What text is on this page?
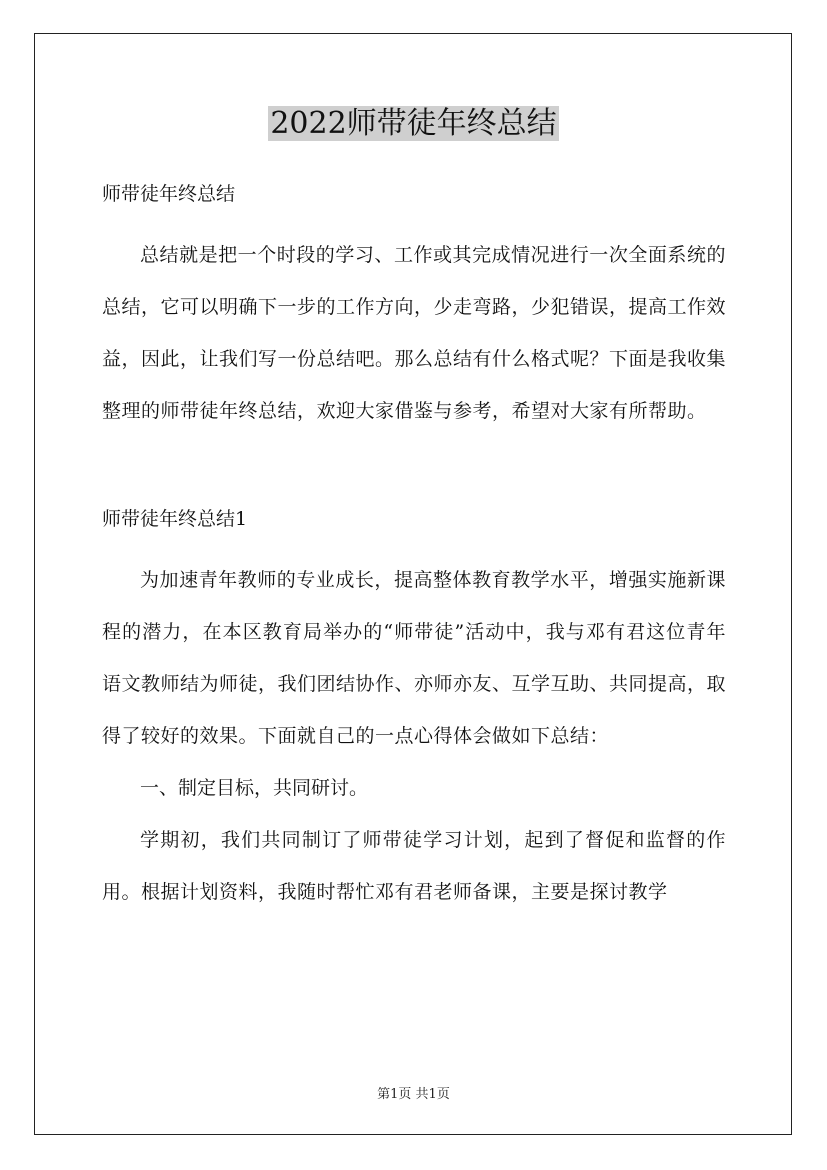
2022师带徒年终总结

师带徒年终总结

总结就是把一个时段的学习、工作或其完成情况进行一次全面系统的总结，它可以明确下一步的工作方向，少走弯路，少犯错误，提高工作效益，因此，让我们写一份总结吧。那么总结有什么格式呢？下面是我收集整理的师带徒年终总结，欢迎大家借鉴与参考，希望对大家有所帮助。

师带徒年终总结1

为加速青年教师的专业成长，提高整体教育教学水平，增强实施新课程的潜力，在本区教育局举办的“师带徒”活动中，我与邓有君这位青年语文教师结为师徒，我们团结协作、亦师亦友、互学互助、共同提高，取得了较好的效果。下面就自己的一点心得体会做如下总结：

一、制定目标，共同研讨。

学期初，我们共同制订了师带徒学习计划，起到了督促和监督的作用。根据计划资料，我随时帮忙邓有君老师备课，主要是探讨教学

第1页 共1页
